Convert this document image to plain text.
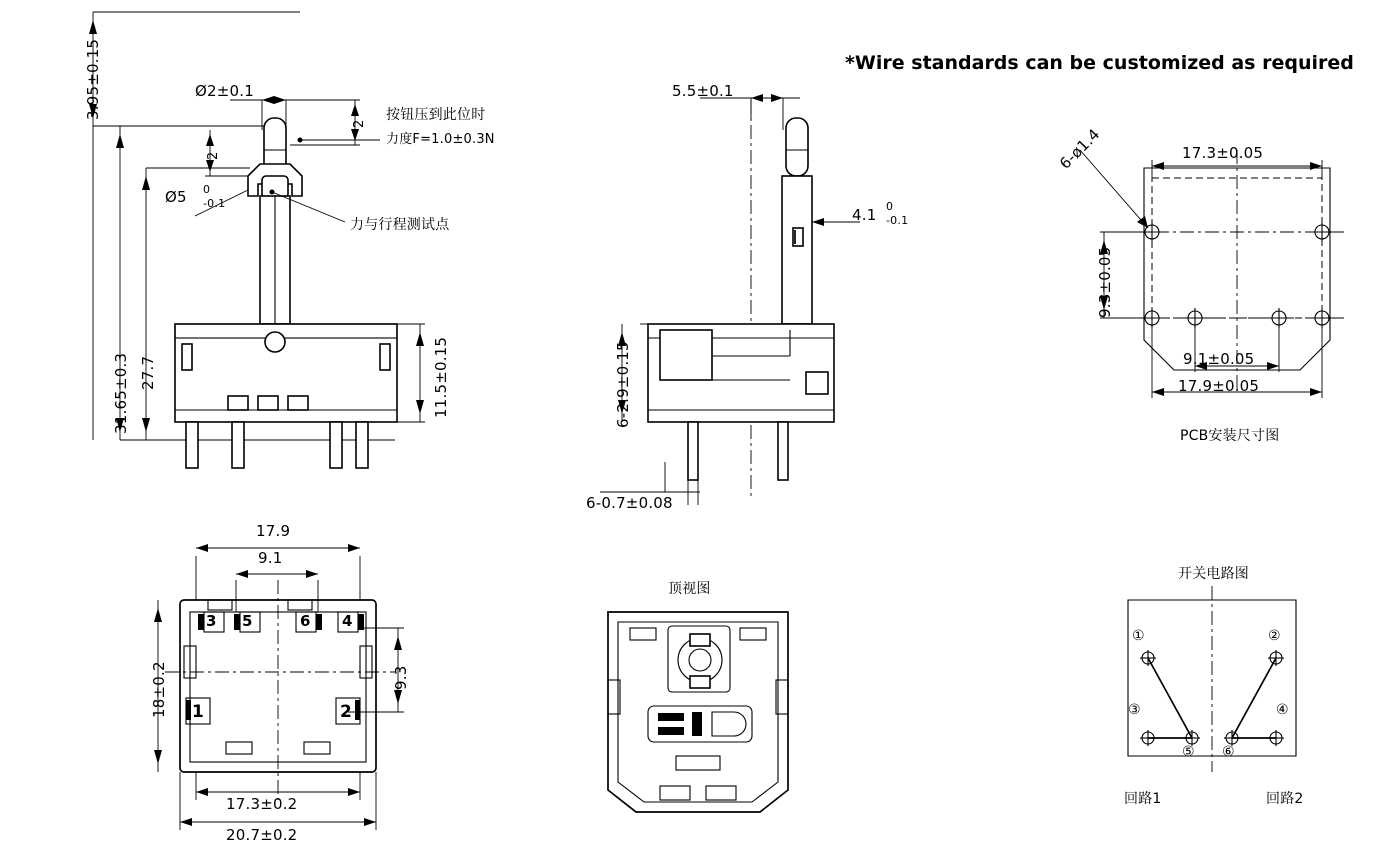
*Wire standards can be customized as required
3.95±0.15
31.65±0.3 27.7
Ø2±0.1
2
2
Ø5 0
-0.1
11.5±0.15
按钮压到此位时
力度F=1.0±0.3N
力与行程测试点
5.5±0.1
4.1 0
-0.1
6-2.9±0.15
6-0.7±0.08
6-ø1.4	17.3±0.05
9.3±0.05
9.1±0.05
17.9±0.05
PCB安装尺寸图
17.9
9.1
18±0.2	9.3
17.3±0.2
20.7±0.2
3 5	6 4
1	2
顶视图
开关电路图
①	②
③	④
⑤ ⑥
回路1	回路2
